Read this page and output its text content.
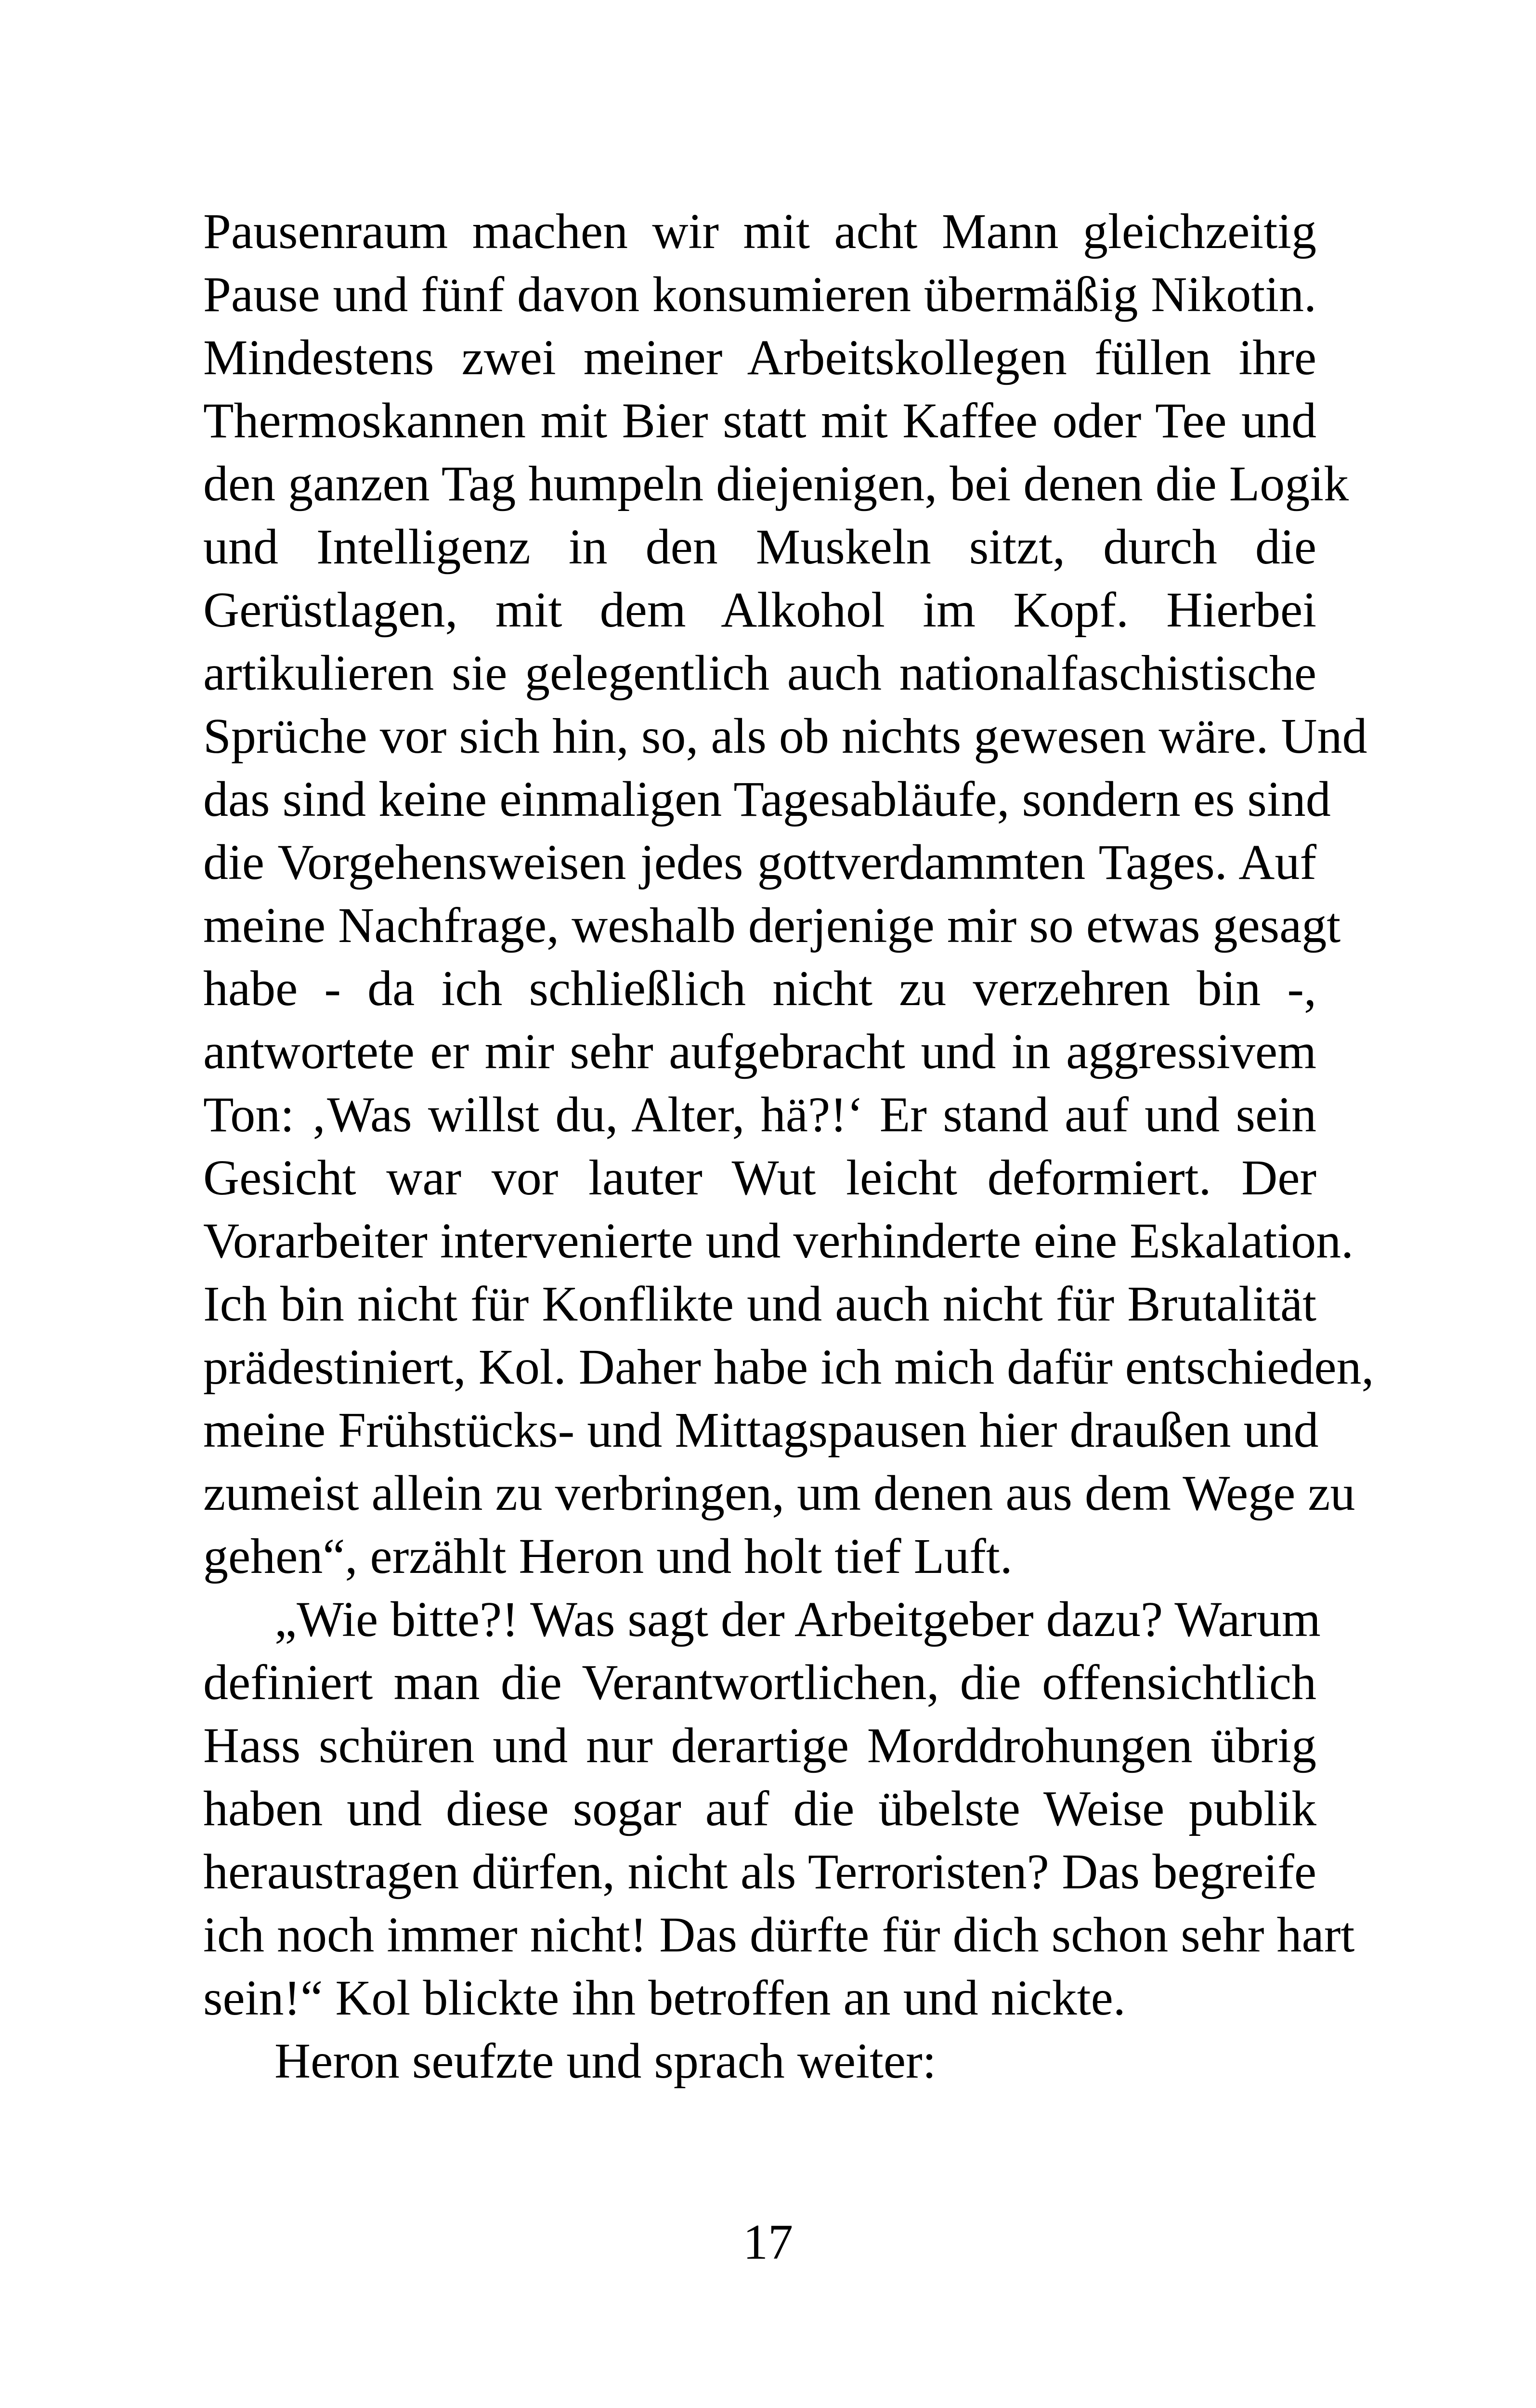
Pausenraum machen wir mit acht Mann gleichzeitig
Pause und fünf davon konsumieren übermäßig Nikotin.
Mindestens zwei meiner Arbeitskollegen füllen ihre
Thermoskannen mit Bier statt mit Kaffee oder Tee und
den ganzen Tag humpeln diejenigen, bei denen die Logik
und Intelligenz in den Muskeln sitzt, durch die
Gerüstlagen, mit dem Alkohol im Kopf. Hierbei
artikulieren sie gelegentlich auch nationalfaschistische
Sprüche vor sich hin, so, als ob nichts gewesen wäre. Und
das sind keine einmaligen Tagesabläufe, sondern es sind
die Vorgehensweisen jedes gottverdammten Tages. Auf
meine Nachfrage, weshalb derjenige mir so etwas gesagt
habe - da ich schließlich nicht zu verzehren bin -,
antwortete er mir sehr aufgebracht und in aggressivem
Ton: ‚Was willst du, Alter, hä?!‘ Er stand auf und sein
Gesicht war vor lauter Wut leicht deformiert. Der
Vorarbeiter intervenierte und verhinderte eine Eskalation.
Ich bin nicht für Konflikte und auch nicht für Brutalität
prädestiniert, Kol. Daher habe ich mich dafür entschieden,
meine Frühstücks- und Mittagspausen hier draußen und
zumeist allein zu verbringen, um denen aus dem Wege zu
gehen“, erzählt Heron und holt tief Luft.
„Wie bitte?! Was sagt der Arbeitgeber dazu? Warum
definiert man die Verantwortlichen, die offensichtlich
Hass schüren und nur derartige Morddrohungen übrig
haben und diese sogar auf die übelste Weise publik
heraustragen dürfen, nicht als Terroristen? Das begreife
ich noch immer nicht! Das dürfte für dich schon sehr hart
sein!“ Kol blickte ihn betroffen an und nickte.
Heron seufzte und sprach weiter:
17
